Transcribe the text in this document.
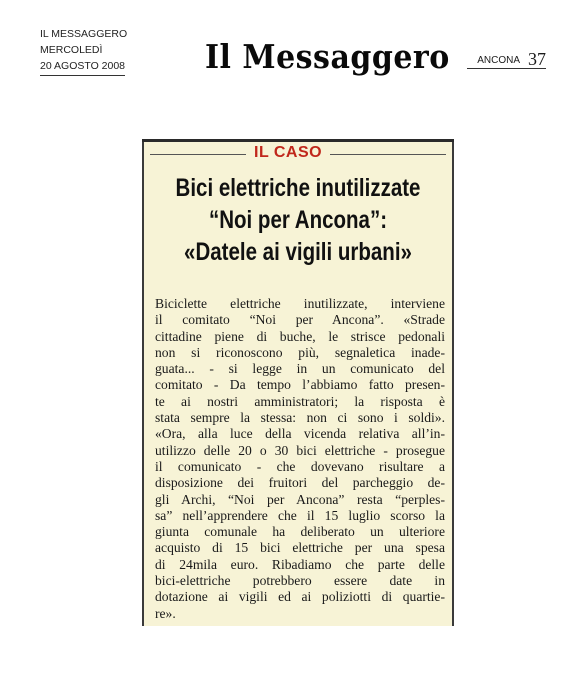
IL MESSAGGERO
MERCOLEDÌ
20 AGOSTO 2008	Il Messaggero	ANCONA 37
IL CASO
Bici elettriche inutilizzate
“Noi per Ancona”:
«Datele ai vigili urbani»
Biciclette elettriche inutilizzate, interviene
il comitato “Noi per Ancona”. «Strade
cittadine piene di buche, le strisce pedonali
non si riconoscono più, segnaletica inade-
guata... - si legge in un comunicato del
comitato - Da tempo l’abbiamo fatto presen-
te ai nostri amministratori; la risposta è
stata sempre la stessa: non ci sono i soldi».
«Ora, alla luce della vicenda relativa all’in-
utilizzo delle 20 o 30 bici elettriche - prosegue
il comunicato - che dovevano risultare a
disposizione dei fruitori del parcheggio de-
gli Archi, “Noi per Ancona” resta “perples-
sa” nell’apprendere che il 15 luglio scorso la
giunta comunale ha deliberato un ulteriore
acquisto di 15 bici elettriche per una spesa
di 24mila euro. Ribadiamo che parte delle
bici-elettriche potrebbero essere date in
dotazione ai vigili ed ai poliziotti di quartie-
re».
